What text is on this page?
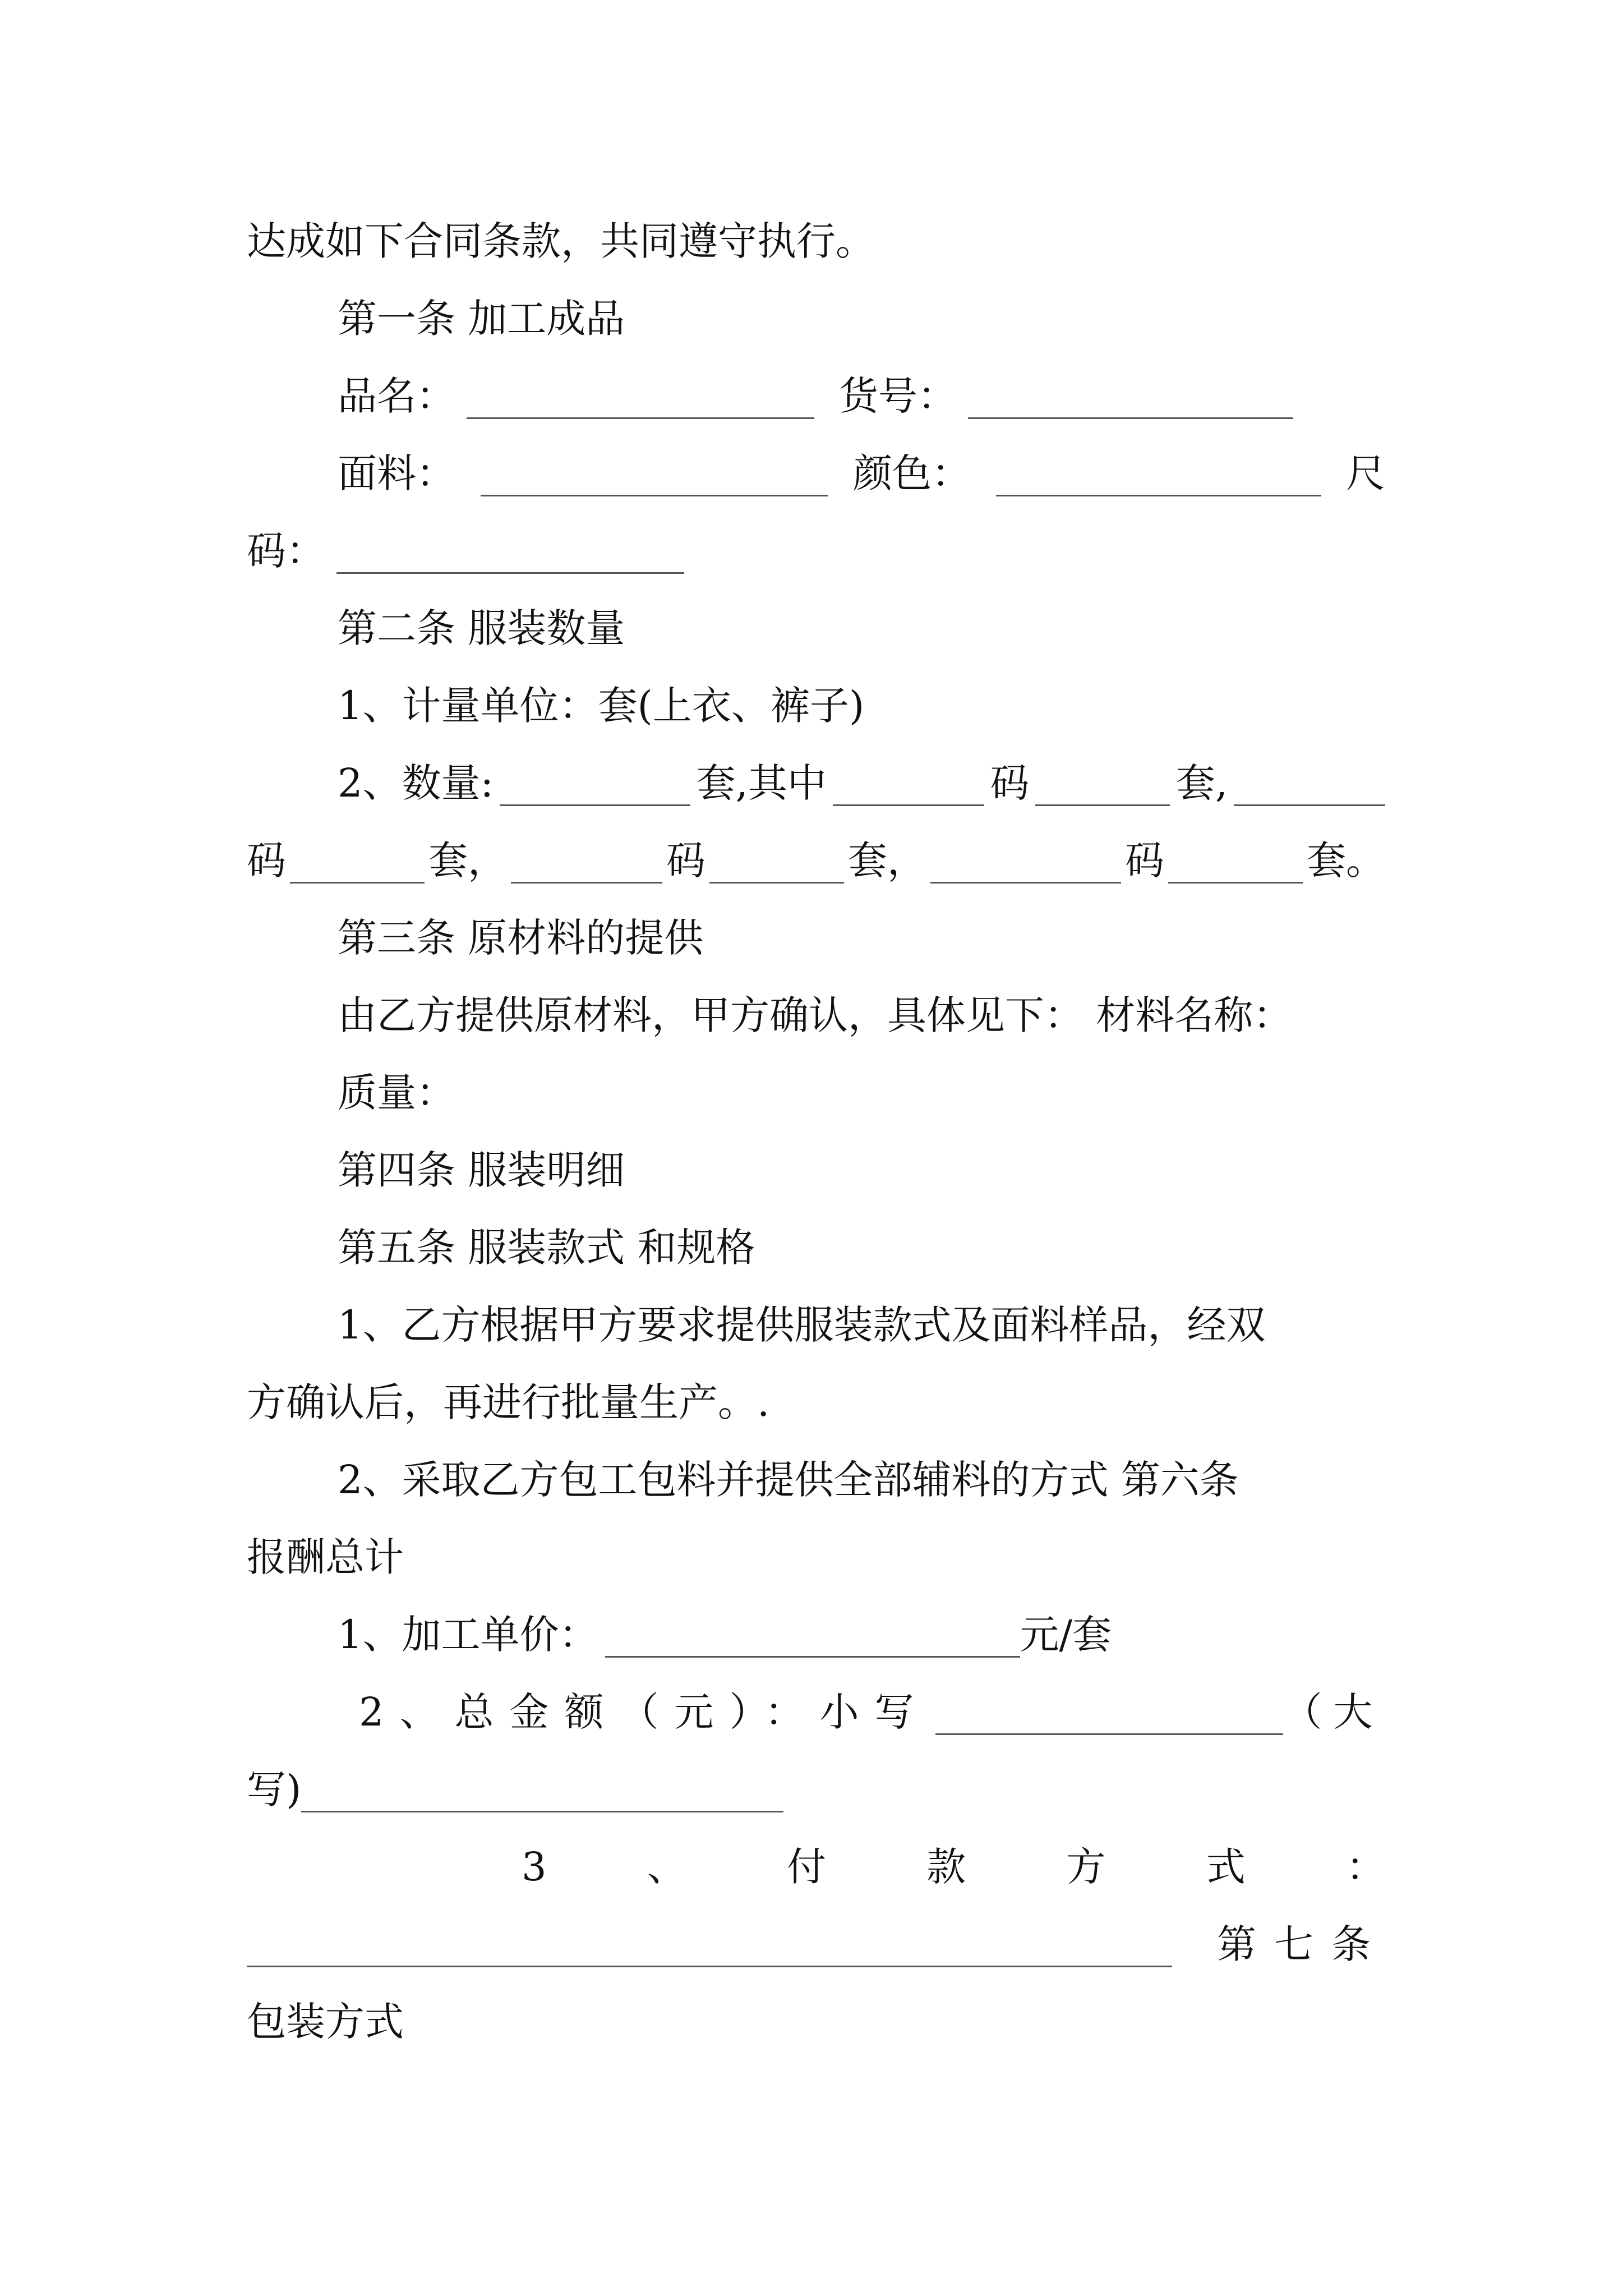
达成如下合同条款，共同遵守执行。
第一条 加工成品
品名：	货号：
面料：	颜色：	尺
码：
第二条 服装数量
1、计量单位：套(上衣、裤子)
2、数量:	套,其中	码	套,
码	套，	码	套，	码	套。
第三条 原材料的提供
由乙方提供原材料，甲方确认，具体见下： 材料名称：
质量：
第四条 服装明细
第五条 服装款式 和规格
1、乙方根据甲方要求提供服装款式及面料样品，经双
方确认后，再进行批量生产。.
2、采取乙方包工包料并提供全部辅料的方式 第六条
报酬总计
1、加工单价：	元/套
2、总金额（元）：小写	（大
写)
3	、	付	款	方	式	：
第七条
包装方式
